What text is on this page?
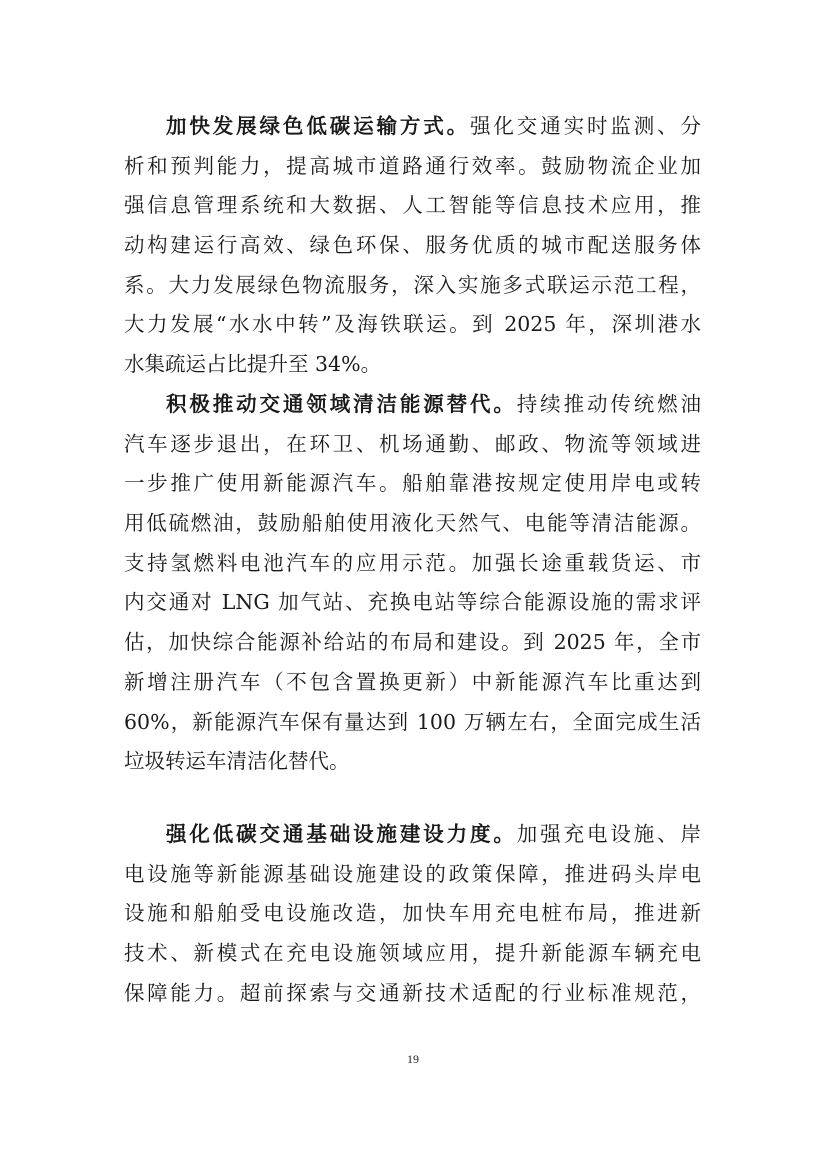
加快发展绿色低碳运输方式。强化交通实时监测、分
析和预判能力，提高城市道路通行效率。鼓励物流企业加
强信息管理系统和大数据、人工智能等信息技术应用，推
动构建运行高效、绿色环保、服务优质的城市配送服务体
系。大力发展绿色物流服务，深入实施多式联运示范工程，
大力发展“水水中转”及海铁联运。到 2025 年，深圳港水
水集疏运占比提升至 34%。
积极推动交通领域清洁能源替代。持续推动传统燃油
汽车逐步退出，在环卫、机场通勤、邮政、物流等领域进
一步推广使用新能源汽车。船舶靠港按规定使用岸电或转
用低硫燃油，鼓励船舶使用液化天然气、电能等清洁能源。
支持氢燃料电池汽车的应用示范。加强长途重载货运、市
内交通对 LNG 加气站、充换电站等综合能源设施的需求评
估，加快综合能源补给站的布局和建设。到 2025 年，全市
新增注册汽车（不包含置换更新）中新能源汽车比重达到
60%，新能源汽车保有量达到 100 万辆左右，全面完成生活
垃圾转运车清洁化替代。
强化低碳交通基础设施建设力度。加强充电设施、岸
电设施等新能源基础设施建设的政策保障，推进码头岸电
设施和船舶受电设施改造，加快车用充电桩布局，推进新
技术、新模式在充电设施领域应用，提升新能源车辆充电
保障能力。超前探索与交通新技术适配的行业标准规范，
19
